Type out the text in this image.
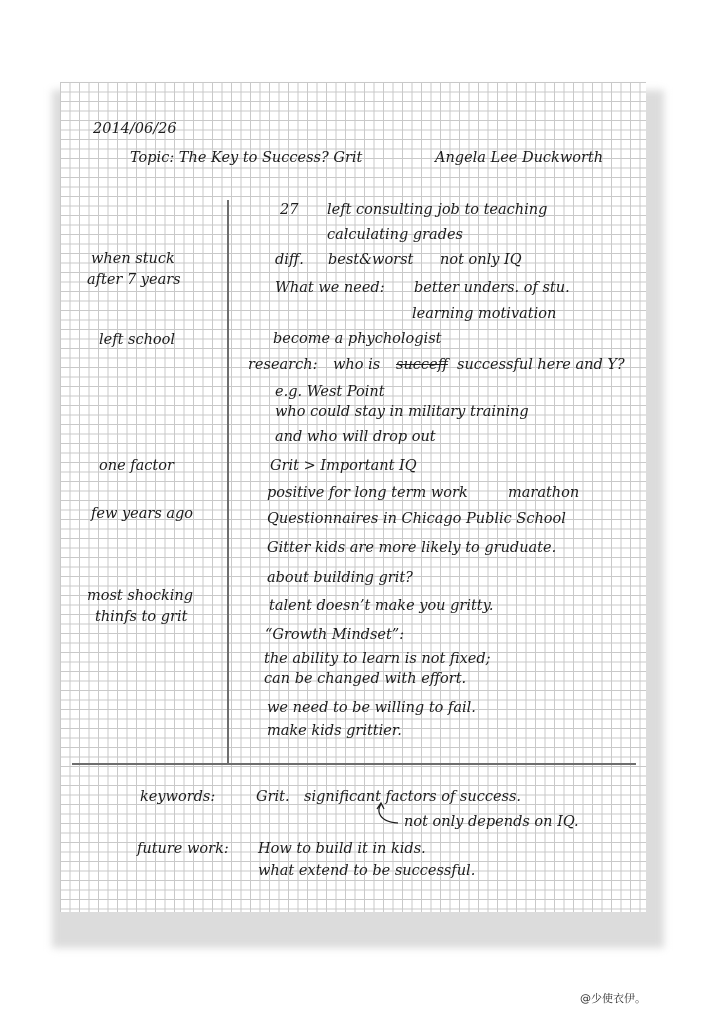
2014/06/26
Topic: The Key to Success? Grit	Angela Lee Duckworth
when stuck
after 7 years
left school
one factor
few years ago
most shocking
thinfs to grit
27 left consulting job to teaching
calculating grades
diff. best&worst not only IQ
What we need: better unders. of stu.
learning motivation
become a phychologist
research: who is succeff successful here and Y?
e.g. West Point
who could stay in military training
and who will drop out
Grit > Important IQ
positive for long term work	marathon
Questionnaires in Chicago Public School
Gitter kids are more likely to gruduate.
about building grit?
talent doesn’t make you gritty.
“Growth Mindset”:
the ability to learn is not fixed;
can be changed with effort.
we need to be willing to fail.
make kids grittier.
keywords:	Grit. significant factors of success.
not only depends on IQ.
future work: How to build it in kids.
what extend to be successful.
@少使衣伊。
